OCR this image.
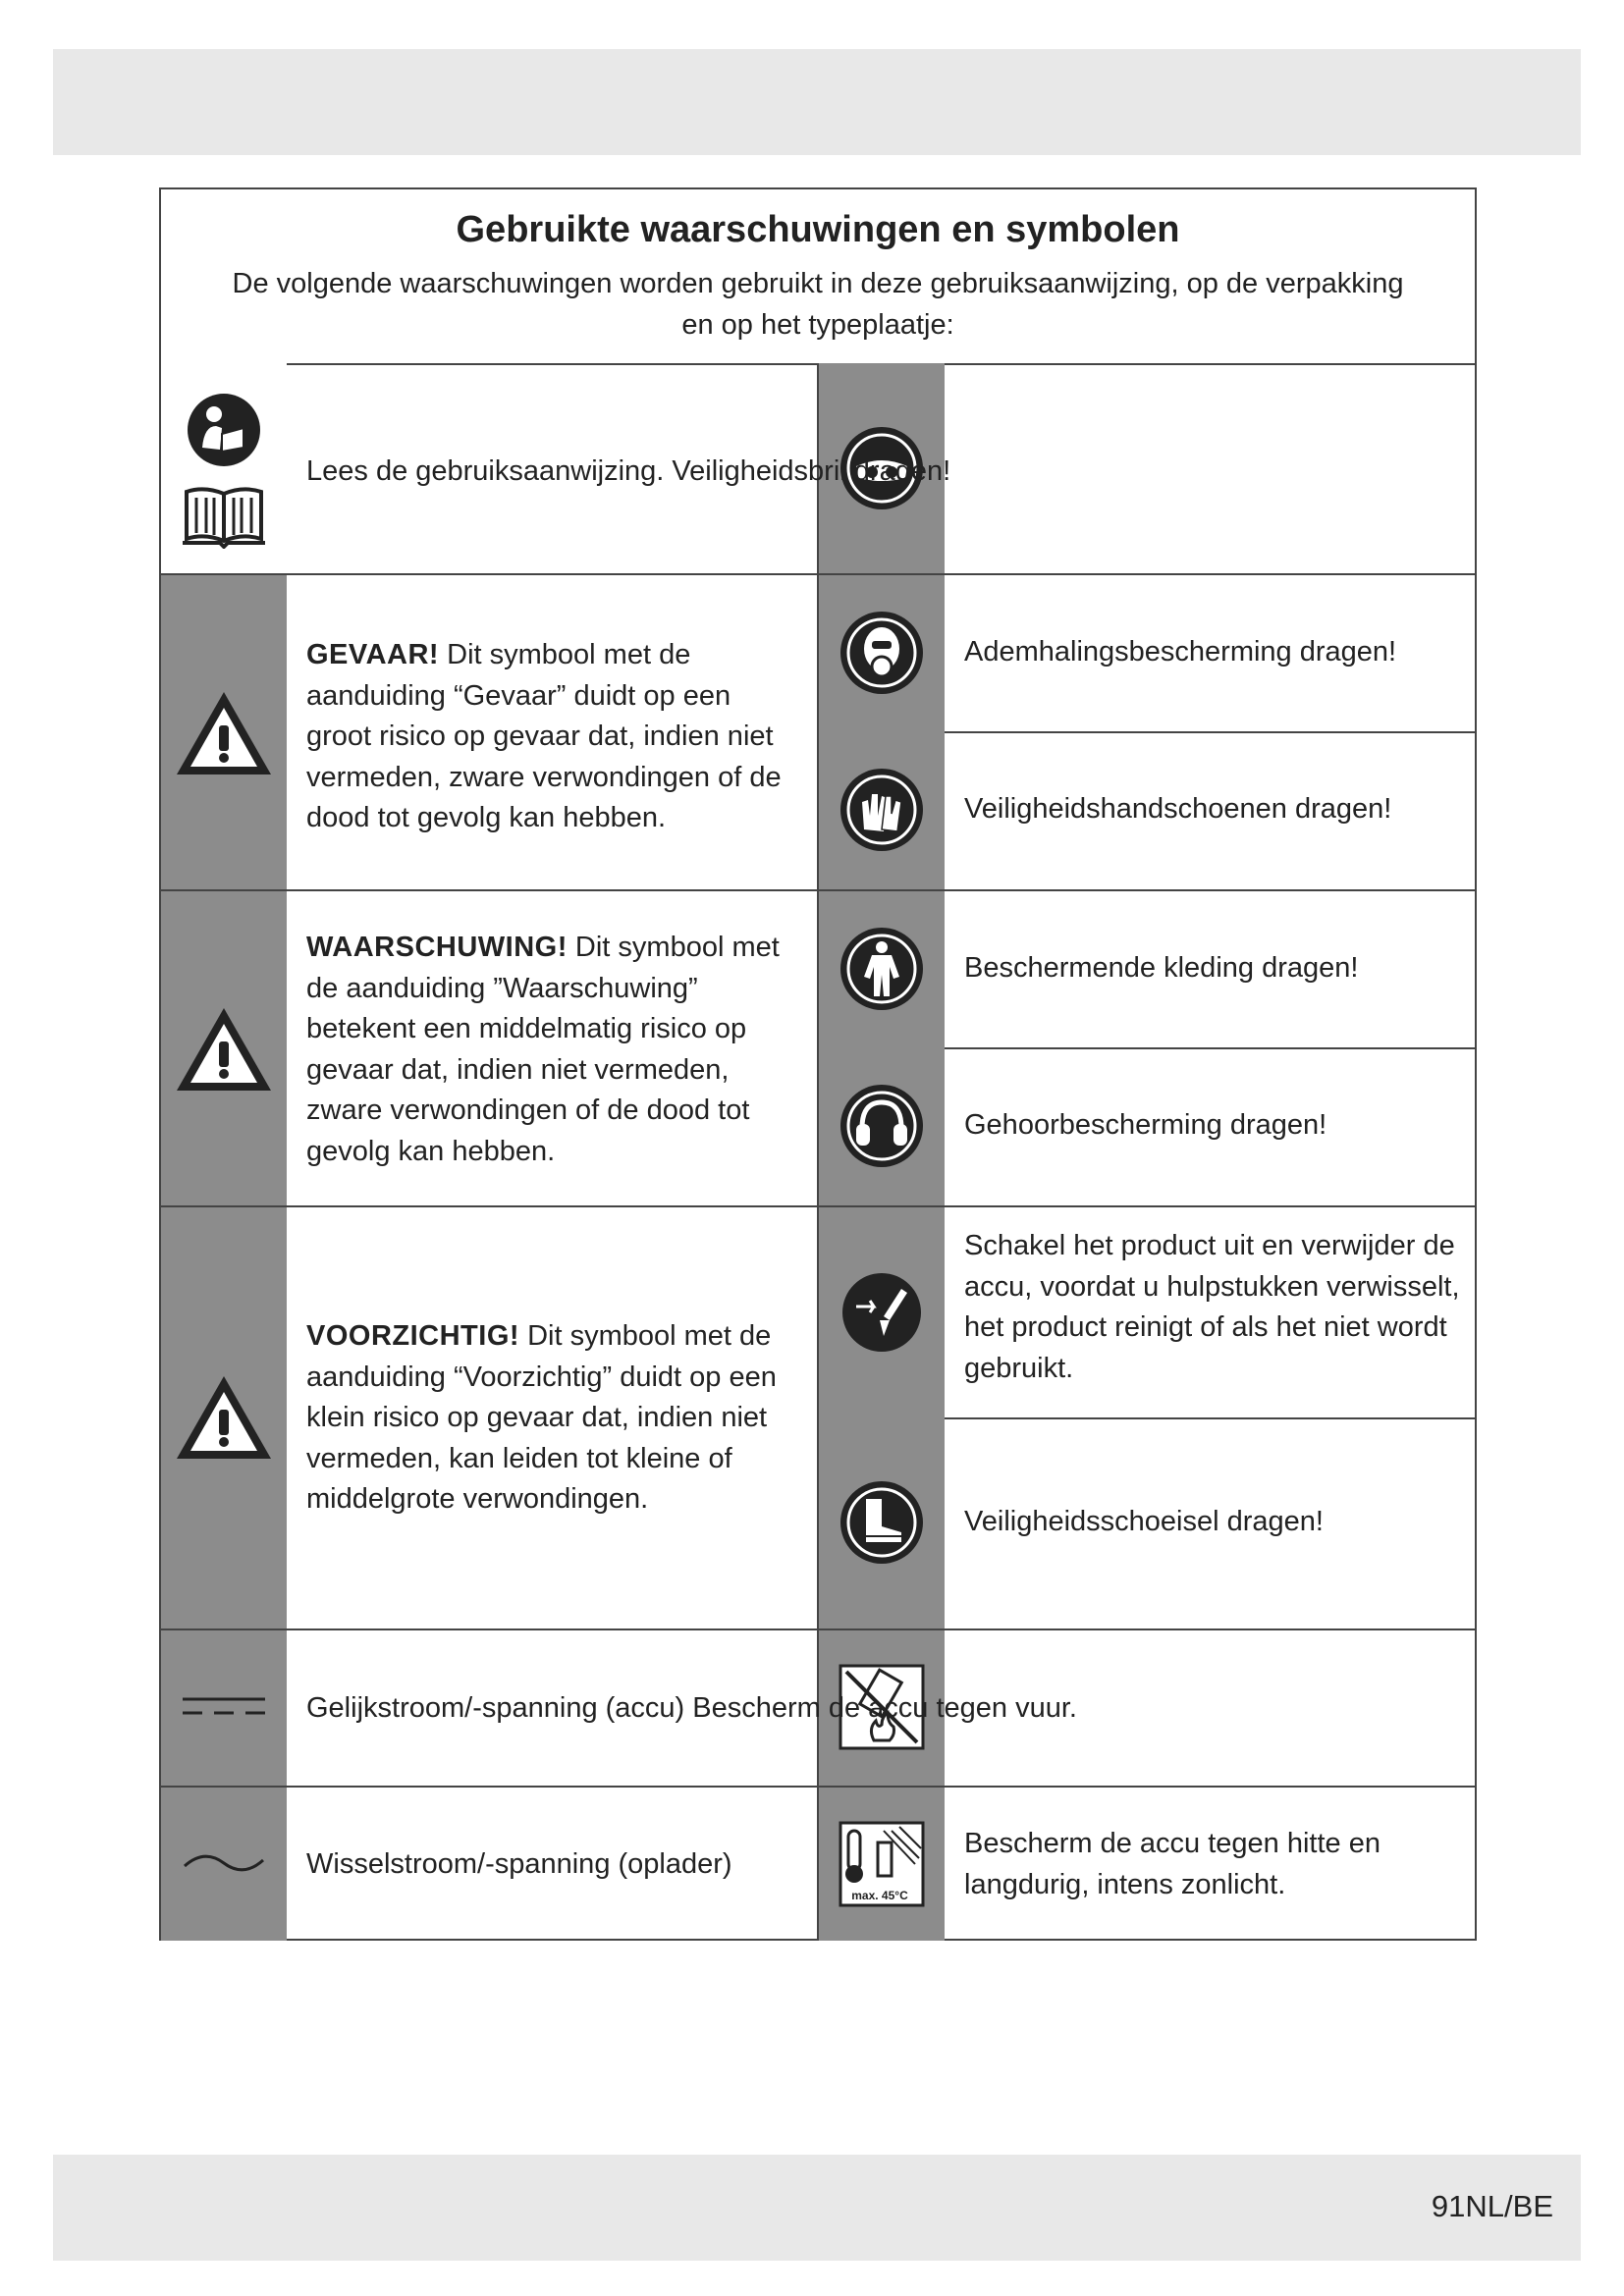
Gebruikte waarschuwingen en symbolen

De volgende waarschuwingen worden gebruikt in deze gebruiksaanwijzing, op de verpakking en op het typeplaatje:

Lees de gebruiksaanwijzing. Veiligheidsbril dragen!
GEVAAR! Dit symbool met de aanduiding “Gevaar” duidt op een groot risico op gevaar dat, indien niet vermeden, zware verwondingen of de dood tot gevolg kan hebben.
Ademhalingsbescherming dragen!
Veiligheidshandschoenen dragen!
WAARSCHUWING! Dit symbool met de aanduiding ”Waarschuwing” betekent een middelmatig risico op gevaar dat, indien niet vermeden, zware verwondingen of de dood tot gevolg kan hebben.
Beschermende kleding dragen!
Gehoorbescherming dragen!
VOORZICHTIG! Dit symbool met de aanduiding “Voorzichtig” duidt op een klein risico op gevaar dat, indien niet vermeden, kan leiden tot kleine of middelgrote verwondingen.
Schakel het product uit en verwijder de accu, voordat u hulpstukken verwisselt, het product reinigt of als het niet wordt gebruikt.
Veiligheidsschoeisel dragen!
Gelijkstroom/-spanning (accu) Bescherm de accu tegen vuur.
Wisselstroom/-spanning (oplader)
max. 45°C
Bescherm de accu tegen hitte en langdurig, intens zonlicht.
91NL/BE
